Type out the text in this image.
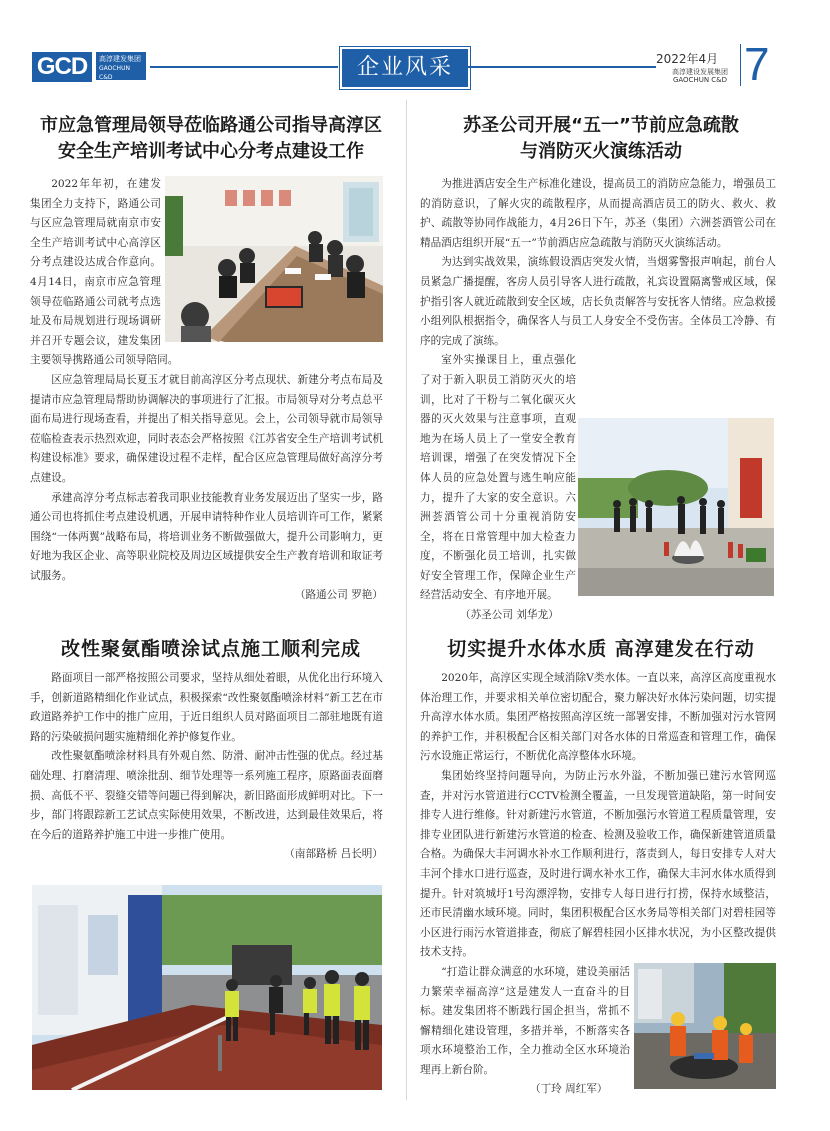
GCD	高淳建发集团
GAOCHUN C&D	企业风采	2022年4月
高淳建设发展集团
GAOCHUN C&D 7
市应急管理局领导莅临路通公司指导高淳区
安全生产培训考试中心分考点建设工作

2022年年初，在建发集团全力支持下，路通公司与区应急管理局就南京市安全生产培训考试中心高淳区分考点建设达成合作意向。4月14日，南京市应急管理领导莅临路通公司就考点选址及布局规划进行现场调研并召开专题会议，建发集团主要领导携路通公司领导陪同。

区应急管理局局长夏玉才就目前高淳区分考点现状、新建分考点布局及提请市应急管理局帮助协调解决的事项进行了汇报。市局领导对分考点总平面布局进行现场查看，并提出了相关指导意见。会上，公司领导就市局领导莅临检查表示热烈欢迎，同时表态会严格按照《江苏省安全生产培训考试机构建设标准》要求，确保建设过程不走样，配合区应急管理局做好高淳分考点建设。

承建高淳分考点标志着我司职业技能教育业务发展迈出了坚实一步，路通公司也将抓住考点建设机遇，开展申请特种作业人员培训许可工作，紧紧围绕“一体两翼”战略布局，将培训业务不断做强做大，提升公司影响力，更好地为我区企业、高等职业院校及周边区域提供安全生产教育培训和取证考试服务。

（路通公司 罗艳）
苏圣公司开展“五一”节前应急疏散
与消防灭火演练活动

为推进酒店安全生产标准化建设，提高员工的消防应急能力，增强员工的消防意识，了解火灾的疏散程序，从而提高酒店员工的防火、救火、救护、疏散等协同作战能力，4月26日下午，苏圣（集团）六洲荟酒管公司在精品酒店组织开展“五一”节前酒店应急疏散与消防灭火演练活动。

为达到实战效果，演练假设酒店突发火情，当烟雾警报声响起，前台人员紧急广播提醒，客房人员引导客人进行疏散，礼宾设置隔离警戒区域，保护指引客人就近疏散到安全区域，店长负责解答与安抚客人情绪。应急救援小组列队根据指令，确保客人与员工人身安全不受伤害。全体员工冷静、有序的完成了演练。

室外实操课目上，重点强化了对于新入职员工消防灭火的培训，比对了干粉与二氧化碳灭火器的灭火效果与注意事项，直观地为在场人员上了一堂安全教育培训课，增强了在突发情况下全体人员的应急处置与逃生响应能力，提升了大家的安全意识。六洲荟酒管公司十分重视消防安全，将在日常管理中加大检查力度，不断强化员工培训，扎实做好安全管理工作，保障企业生产经营活动安全、有序地开展。

（苏圣公司 刘华龙）
改性聚氨酯喷涂试点施工顺利完成

路面项目一部严格按照公司要求，坚持从细处着眼，从优化出行环境入手，创新道路精细化作业试点，积极探索“改性聚氨酯喷涂材料”新工艺在市政道路养护工作中的推广应用，于近日组织人员对路面项目二部驻地既有道路的污染破损问题实施精细化养护修复作业。

改性聚氨酯喷涂材料具有外观自然、防滑、耐冲击性强的优点。经过基础处理、打磨清理、喷涂批刮、细节处理等一系列施工程序，原路面表面磨损、高低不平、裂缝交错等问题已得到解决，新旧路面形成鲜明对比。下一步，部门将跟踪新工艺试点实际使用效果，不断改进，达到最佳效果后，将在今后的道路养护施工中进一步推广使用。

（南部路桥 吕长明）
切实提升水体水质 高淳建发在行动

2020年，高淳区实现全域消除V类水体。一直以来，高淳区高度重视水体治理工作，并要求相关单位密切配合，聚力解决好水体污染问题，切实提升高淳水体水质。集团严格按照高淳区统一部署安排，不断加强对污水管网的养护工作，并积极配合区相关部门对各水体的日常巡查和管理工作，确保污水设施正常运行，不断优化高淳整体水环境。

集团始终坚持问题导向，为防止污水外溢，不断加强已建污水管网巡查，并对污水管道进行CCTV检测全覆盖，一旦发现管道缺陷，第一时间安排专人进行维修。针对新建污水管道，不断加强污水管道工程质量管理，安排专业团队进行新建污水管道的检查、检测及验收工作，确保新建管道质量合格。为确保大丰河调水补水工作顺利进行，落责到人，每日安排专人对大丰河个排水口进行巡查，及时进行调水补水工作，确保大丰河水体水质得到提升。针对筑城圩1号沟漂浮物，安排专人每日进行打捞，保持水域整洁，还市民清幽水域环境。同时，集团积极配合区水务局等相关部门对碧桂园等小区进行雨污水管道排查，彻底了解碧桂园小区排水状况，为小区整改提供技术支持。

“打造让群众满意的水环境，建设美丽活力繁荣幸福高淳”这是建发人一直奋斗的目标。建发集团将不断践行国企担当，常抓不懈精细化建设管理，多措并举，不断落实各项水环境整治工作，全力推动全区水环境治理再上新台阶。

（丁玲 周红军）
